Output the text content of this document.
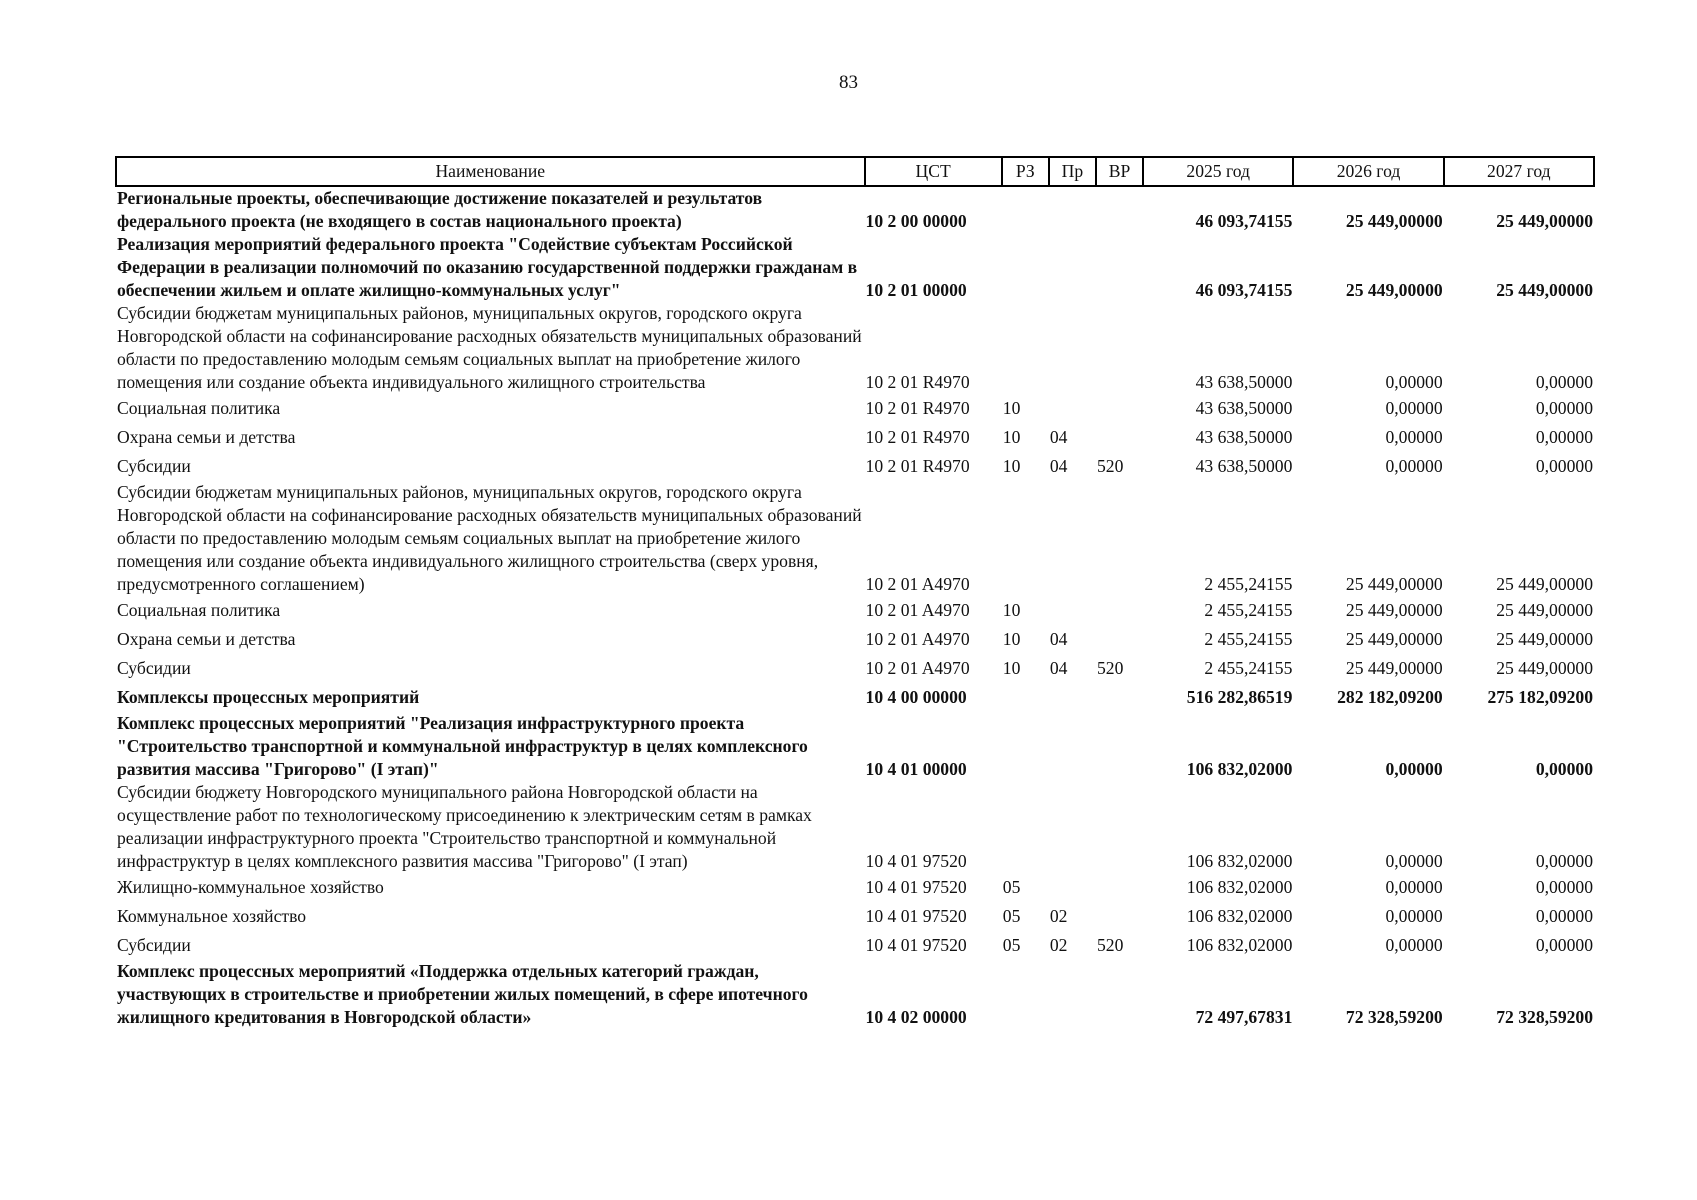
83
Наименование	ЦСТ	РЗ	Пр	ВР	2025 год	2026 год	2027 год
Региональные проекты, обеспечивающие достижение показателей и результатов федерального проекта (не входящего в состав национального проекта)	10 2 00 00000				46 093,74155	25 449,00000	25 449,00000
Реализация мероприятий федерального проекта "Содействие субъектам Российской Федерации в реализации полномочий по оказанию государственной поддержки гражданам в обеспечении жильем и оплате жилищно-коммунальных услуг"	10 2 01 00000				46 093,74155	25 449,00000	25 449,00000
Субсидии бюджетам муниципальных районов, муниципальных округов, городского округа Новгородской области на софинансирование расходных обязательств муниципальных образований области по предоставлению молодым семьям социальных выплат на приобретение жилого помещения или создание объекта индивидуального жилищного строительства	10 2 01 R4970				43 638,50000	0,00000	0,00000
Социальная политика	10 2 01 R4970	10			43 638,50000	0,00000	0,00000
Охрана семьи и детства	10 2 01 R4970	10	04		43 638,50000	0,00000	0,00000
Субсидии	10 2 01 R4970	10	04	520	43 638,50000	0,00000	0,00000
Субсидии бюджетам муниципальных районов, муниципальных округов, городского округа Новгородской области на софинансирование расходных обязательств муниципальных образований области по предоставлению молодым семьям социальных выплат на приобретение жилого помещения или создание объекта индивидуального жилищного строительства (сверх уровня, предусмотренного соглашением)	10 2 01 A4970				2 455,24155	25 449,00000	25 449,00000
Социальная политика	10 2 01 A4970	10			2 455,24155	25 449,00000	25 449,00000
Охрана семьи и детства	10 2 01 A4970	10	04		2 455,24155	25 449,00000	25 449,00000
Субсидии	10 2 01 A4970	10	04	520	2 455,24155	25 449,00000	25 449,00000
Комплексы процессных мероприятий	10 4 00 00000				516 282,86519	282 182,09200	275 182,09200
Комплекс процессных мероприятий "Реализация инфраструктурного проекта "Строительство транспортной и коммунальной инфраструктур в целях комплексного развития массива "Григорово" (I этап)"	10 4 01 00000				106 832,02000	0,00000	0,00000
Субсидии бюджету Новгородского муниципального района Новгородской области на осуществление работ по технологическому присоединению к электрическим сетям в рамках реализации инфраструктурного проекта "Строительство транспортной и коммунальной инфраструктур в целях комплексного развития массива "Григорово" (I этап)	10 4 01 97520				106 832,02000	0,00000	0,00000
Жилищно-коммунальное хозяйство	10 4 01 97520	05			106 832,02000	0,00000	0,00000
Коммунальное хозяйство	10 4 01 97520	05	02		106 832,02000	0,00000	0,00000
Субсидии	10 4 01 97520	05	02	520	106 832,02000	0,00000	0,00000
Комплекс процессных мероприятий «Поддержка отдельных категорий граждан, участвующих в строительстве и приобретении жилых помещений, в сфере ипотечного жилищного кредитования в Новгородской области»	10 4 02 00000				72 497,67831	72 328,59200	72 328,59200
